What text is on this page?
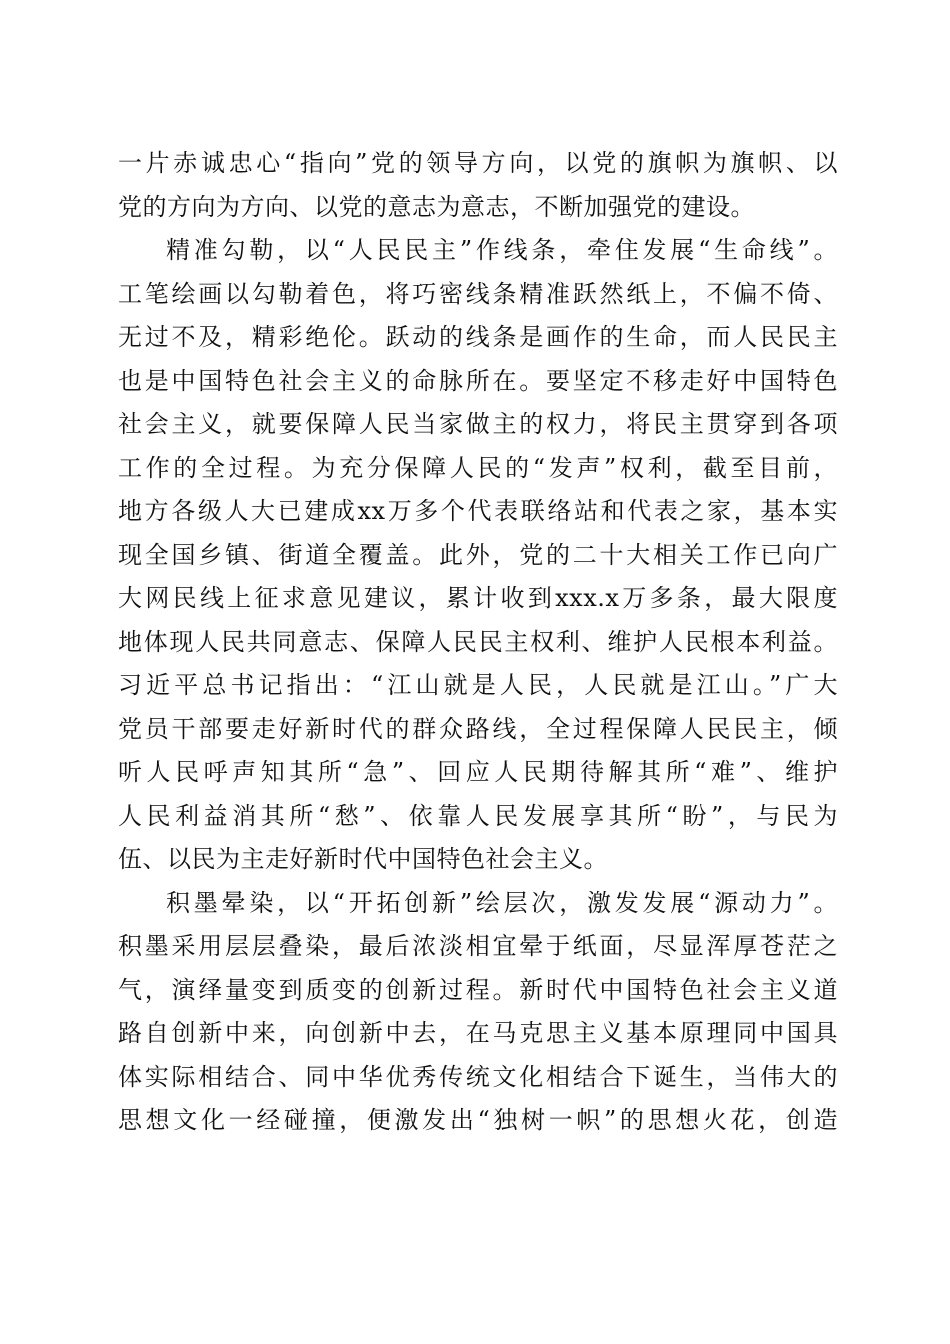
一片赤诚忠心“指向”党的领导方向，以党的旗帜为旗帜、以
党的方向为方向、以党的意志为意志，不断加强党的建设。
精准勾勒，以“人民民主”作线条，牵住发展“生命线”。
工笔绘画以勾勒着色，将巧密线条精准跃然纸上，不偏不倚、
无过不及，精彩绝伦。跃动的线条是画作的生命，而人民民主
也是中国特色社会主义的命脉所在。要坚定不移走好中国特色
社会主义，就要保障人民当家做主的权力，将民主贯穿到各项
工作的全过程。为充分保障人民的“发声”权利，截至目前，
地方各级人大已建成xx万多个代表联络站和代表之家，基本实
现全国乡镇、街道全覆盖。此外，党的二十大相关工作已向广
大网民线上征求意见建议，累计收到xxx.x万多条，最大限度
地体现人民共同意志、保障人民民主权利、维护人民根本利益。
习近平总书记指出：“江山就是人民，人民就是江山。”广大
党员干部要走好新时代的群众路线，全过程保障人民民主，倾
听人民呼声知其所“急”、回应人民期待解其所“难”、维护
人民利益消其所“愁”、依靠人民发展享其所“盼”，与民为
伍、以民为主走好新时代中国特色社会主义。
积墨晕染，以“开拓创新”绘层次，激发发展“源动力”。
积墨采用层层叠染，最后浓淡相宜晕于纸面，尽显浑厚苍茫之
气，演绎量变到质变的创新过程。新时代中国特色社会主义道
路自创新中来，向创新中去，在马克思主义基本原理同中国具
体实际相结合、同中华优秀传统文化相结合下诞生，当伟大的
思想文化一经碰撞，便激发出“独树一帜”的思想火花，创造
